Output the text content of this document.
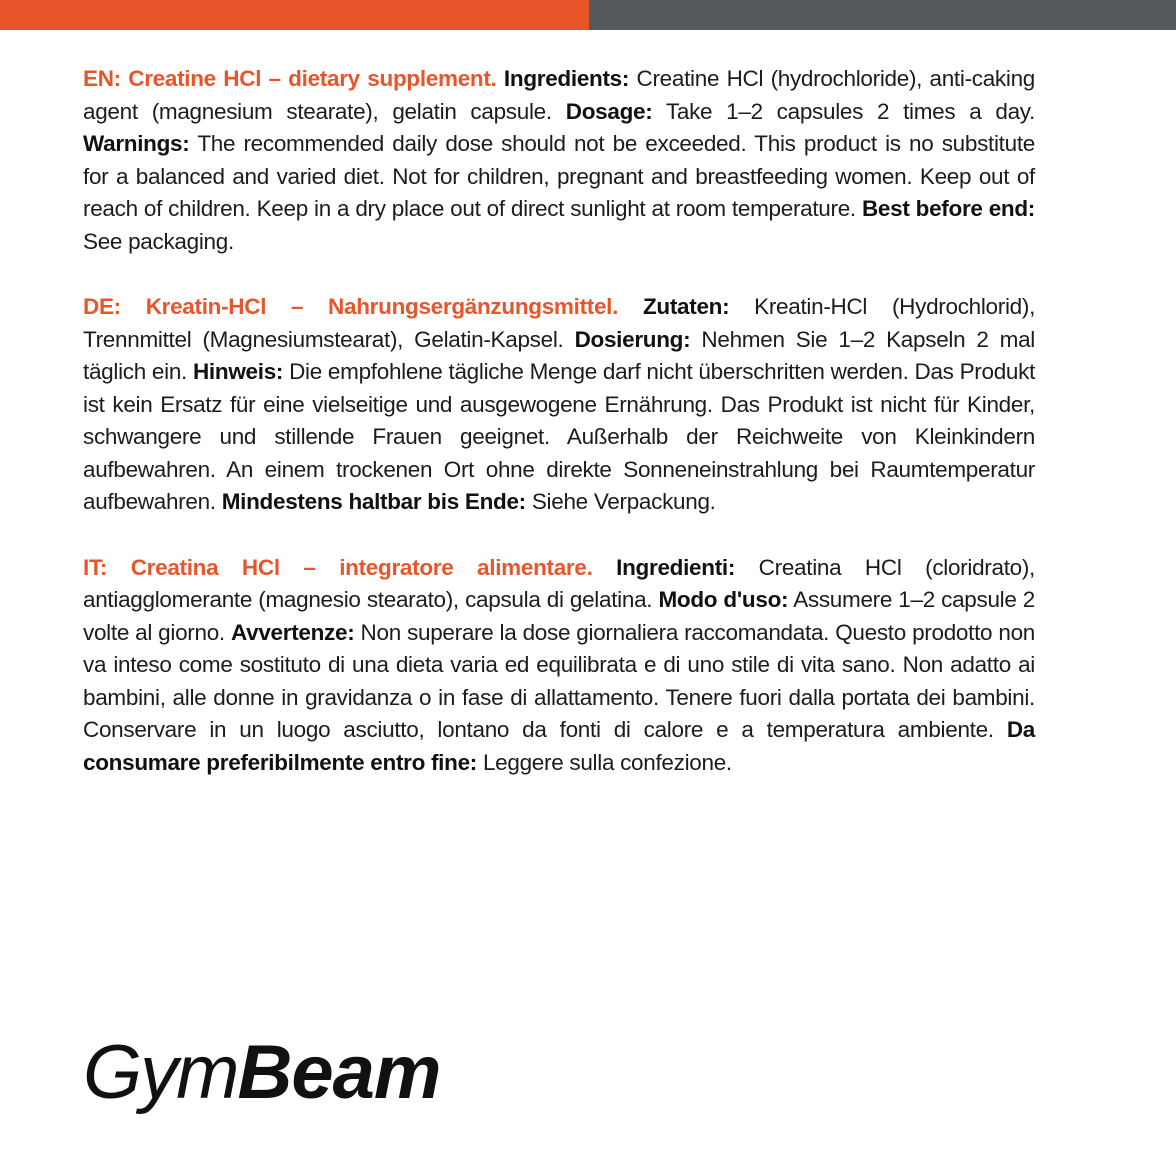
EN: Creatine HCl – dietary supplement. Ingredients: Creatine HCl (hydrochloride), anti-caking agent (magnesium stearate), gelatin capsule. Dosage: Take 1–2 capsules 2 times a day. Warnings: The recommended daily dose should not be exceeded. This product is no substitute for a balanced and varied diet. Not for children, pregnant and breastfeeding women. Keep out of reach of children. Keep in a dry place out of direct sunlight at room temperature. Best before end: See packaging.

DE: Kreatin-HCl – Nahrungsergänzungsmittel. Zutaten: Kreatin-HCl (Hydrochlorid), Trennmittel (Magnesiumstearat), Gelatin-Kapsel. Dosierung: Nehmen Sie 1–2 Kapseln 2 mal täglich ein. Hinweis: Die empfohlene tägliche Menge darf nicht überschritten werden. Das Produkt ist kein Ersatz für eine vielseitige und ausgewogene Ernährung. Das Produkt ist nicht für Kinder, schwangere und stillende Frauen geeignet. Außerhalb der Reichweite von Kleinkindern aufbewahren. An einem trockenen Ort ohne direkte Sonneneinstrahlung bei Raumtemperatur aufbewahren. Mindestens haltbar bis Ende: Siehe Verpackung.

IT: Creatina HCl – integratore alimentare. Ingredienti: Creatina HCl (cloridrato), antiagglomerante (magnesio stearato), capsula di gelatina. Modo d'uso: Assumere 1–2 capsule 2 volte al giorno. Avvertenze: Non superare la dose giornaliera raccomandata. Questo prodotto non va inteso come sostituto di una dieta varia ed equilibrata e di uno stile di vita sano. Non adatto ai bambini, alle donne in gravidanza o in fase di allattamento. Tenere fuori dalla portata dei bambini. Conservare in un luogo asciutto, lontano da fonti di calore e a temperatura ambiente. Da consumare preferibilmente entro fine: Leggere sulla confezione.

GymBeam
